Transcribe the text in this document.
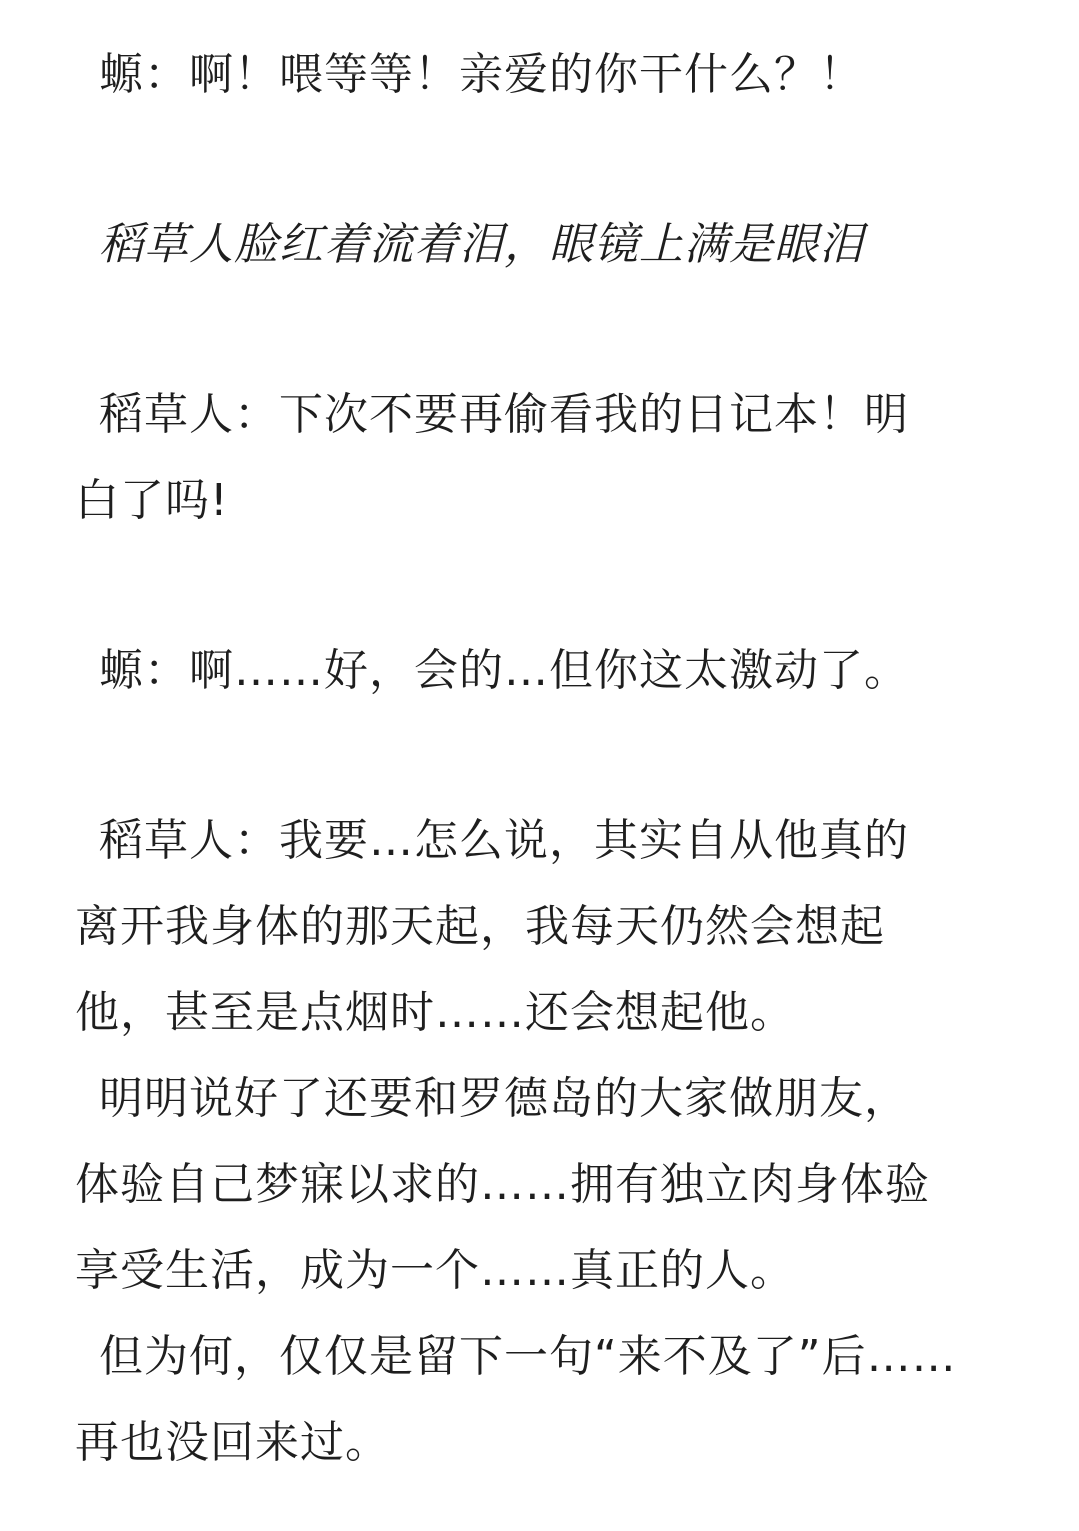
螈：啊！喂等等！亲爱的你干什么？！

稻草人脸红着流着泪，眼镜上满是眼泪

稻草人：下次不要再偷看我的日记本！明
白了吗!

螈：啊……好，会的…但你这太激动了。

稻草人：我要…怎么说，其实自从他真的
离开我身体的那天起，我每天仍然会想起
他，甚至是点烟时……还会想起他。

明明说好了还要和罗德岛的大家做朋友，
体验自己梦寐以求的……拥有独立肉身体验
享受生活，成为一个……真正的人。

但为何，仅仅是留下一句“来不及了”后……
再也没回来过。
